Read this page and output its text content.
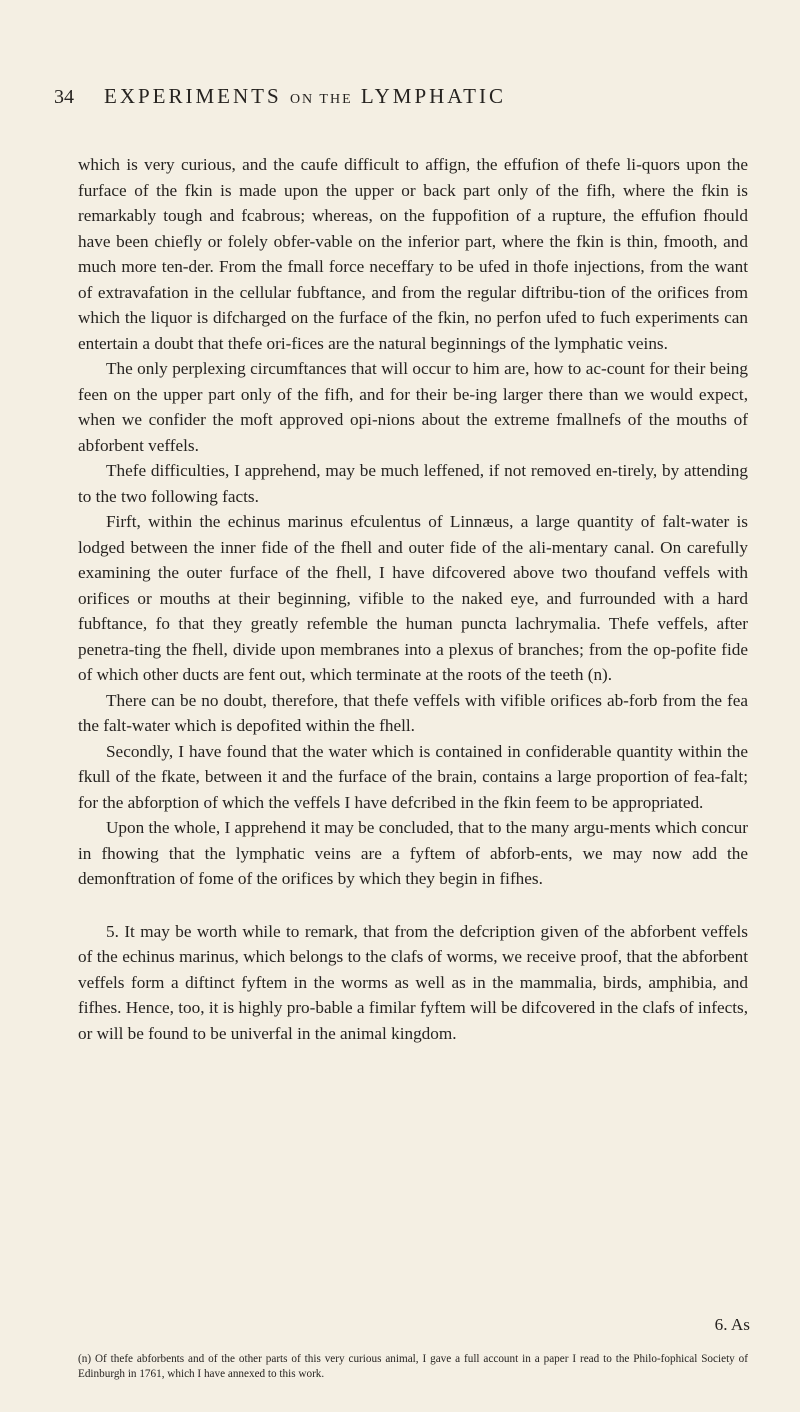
34	EXPERIMENTS ON THE LYMPHATIC

which is very curious, and the caufe difficult to affign, the effufion of thefe li-quors upon the furface of the fkin is made upon the upper or back part only of the fifh, where the fkin is remarkably tough and fcabrous; whereas, on the fuppofition of a rupture, the effufion fhould have been chiefly or folely obfer-vable on the inferior part, where the fkin is thin, fmooth, and much more ten-der. From the fmall force neceffary to be ufed in thofe injections, from the want of extravafation in the cellular fubftance, and from the regular diftribu-tion of the orifices from which the liquor is difcharged on the furface of the fkin, no perfon ufed to fuch experiments can entertain a doubt that thefe ori-fices are the natural beginnings of the lymphatic veins.

The only perplexing circumftances that will occur to him are, how to ac-count for their being feen on the upper part only of the fifh, and for their be-ing larger there than we would expect, when we confider the moft approved opi-nions about the extreme fmallnefs of the mouths of abforbent veffels.

Thefe difficulties, I apprehend, may be much leffened, if not removed en-tirely, by attending to the two following facts.

Firft, within the echinus marinus efculentus of Linnæus, a large quantity of falt-water is lodged between the inner fide of the fhell and outer fide of the ali-mentary canal. On carefully examining the outer furface of the fhell, I have difcovered above two thoufand veffels with orifices or mouths at their beginning, vifible to the naked eye, and furrounded with a hard fubftance, fo that they greatly refemble the human puncta lachrymalia. Thefe veffels, after penetra-ting the fhell, divide upon membranes into a plexus of branches; from the op-pofite fide of which other ducts are fent out, which terminate at the roots of the teeth (n).

There can be no doubt, therefore, that thefe veffels with vifible orifices ab-forb from the fea the falt-water which is depofited within the fhell.

Secondly, I have found that the water which is contained in confiderable quantity within the fkull of the fkate, between it and the furface of the brain, contains a large proportion of fea-falt; for the abforption of which the veffels I have defcribed in the fkin feem to be appropriated.

Upon the whole, I apprehend it may be concluded, that to the many argu-ments which concur in fhowing that the lymphatic veins are a fyftem of abforb-ents, we may now add the demonftration of fome of the orifices by which they begin in fifhes.

5. It may be worth while to remark, that from the defcription given of the abforbent veffels of the echinus marinus, which belongs to the clafs of worms, we receive proof, that the abforbent veffels form a diftinct fyftem in the worms as well as in the mammalia, birds, amphibia, and fifhes. Hence, too, it is highly pro-bable a fimilar fyftem will be difcovered in the clafs of infects, or will be found to be univerfal in the animal kingdom.

6. As
(n) Of thefe abforbents and of the other parts of this very curious animal, I gave a full account in a paper I read to the Philo-fophical Society of Edinburgh in 1761, which I have annexed to this work.
